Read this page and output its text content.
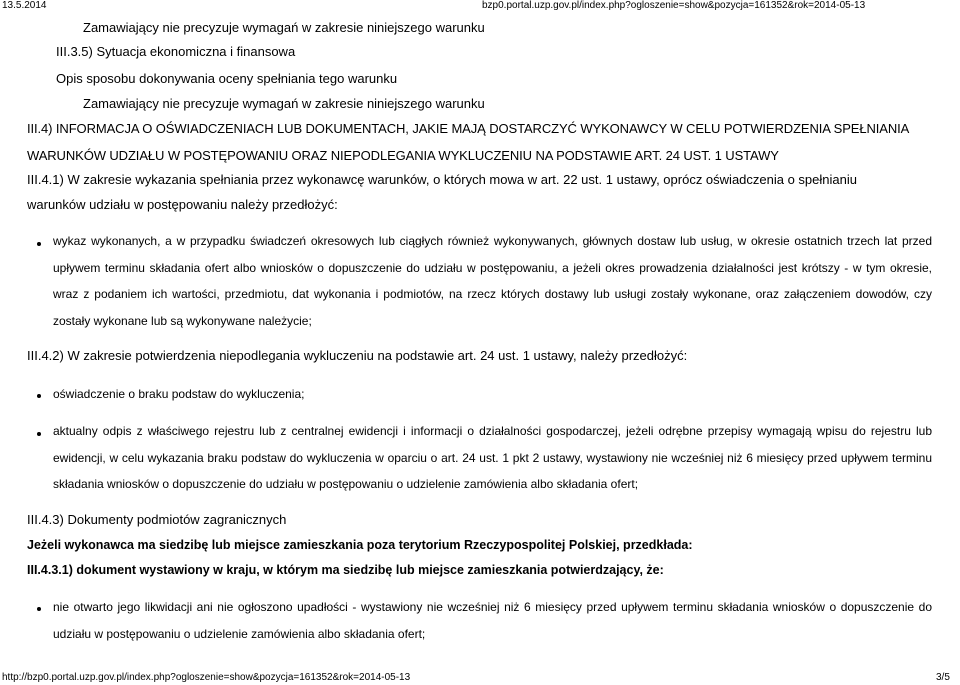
13.5.2014	bzp0.portal.uzp.gov.pl/index.php?ogloszenie=show&pozycja=161352&rok=2014-05-13
Zamawiający nie precyzuje wymagań w zakresie niniejszego warunku
III.3.5) Sytuacja ekonomiczna i finansowa
Opis sposobu dokonywania oceny spełniania tego warunku
Zamawiający nie precyzuje wymagań w zakresie niniejszego warunku
III.4) INFORMACJA O OŚWIADCZENIACH LUB DOKUMENTACH, JAKIE MAJĄ DOSTARCZYĆ WYKONAWCY W CELU POTWIERDZENIA SPEŁNIANIA
WARUNKÓW UDZIAŁU W POSTĘPOWANIU ORAZ NIEPODLEGANIA WYKLUCZENIU NA PODSTAWIE ART. 24 UST. 1 USTAWY
III.4.1) W zakresie wykazania spełniania przez wykonawcę warunków, o których mowa w art. 22 ust. 1 ustawy, oprócz oświadczenia o spełnianiu
warunków udziału w postępowaniu należy przedłożyć:
wykaz wykonanych, a w przypadku świadczeń okresowych lub ciągłych również wykonywanych, głównych dostaw lub usług, w okresie ostatnich trzech lat przed upływem terminu składania ofert albo wniosków o dopuszczenie do udziału w postępowaniu, a jeżeli okres prowadzenia działalności jest krótszy - w tym okresie, wraz z podaniem ich wartości, przedmiotu, dat wykonania i podmiotów, na rzecz których dostawy lub usługi zostały wykonane, oraz załączeniem dowodów, czy zostały wykonane lub są wykonywane należycie;
III.4.2) W zakresie potwierdzenia niepodlegania wykluczeniu na podstawie art. 24 ust. 1 ustawy, należy przedłożyć:
oświadczenie o braku podstaw do wykluczenia;
aktualny odpis z właściwego rejestru lub z centralnej ewidencji i informacji o działalności gospodarczej, jeżeli odrębne przepisy wymagają wpisu do rejestru lub ewidencji, w celu wykazania braku podstaw do wykluczenia w oparciu o art. 24 ust. 1 pkt 2 ustawy, wystawiony nie wcześniej niż 6 miesięcy przed upływem terminu składania wniosków o dopuszczenie do udziału w postępowaniu o udzielenie zamówienia albo składania ofert;
III.4.3) Dokumenty podmiotów zagranicznych
Jeżeli wykonawca ma siedzibę lub miejsce zamieszkania poza terytorium Rzeczypospolitej Polskiej, przedkłada:
III.4.3.1) dokument wystawiony w kraju, w którym ma siedzibę lub miejsce zamieszkania potwierdzający, że:
nie otwarto jego likwidacji ani nie ogłoszono upadłości - wystawiony nie wcześniej niż 6 miesięcy przed upływem terminu składania wniosków o dopuszczenie do udziału w postępowaniu o udzielenie zamówienia albo składania ofert;
http://bzp0.portal.uzp.gov.pl/index.php?ogloszenie=show&pozycja=161352&rok=2014-05-13	3/5
